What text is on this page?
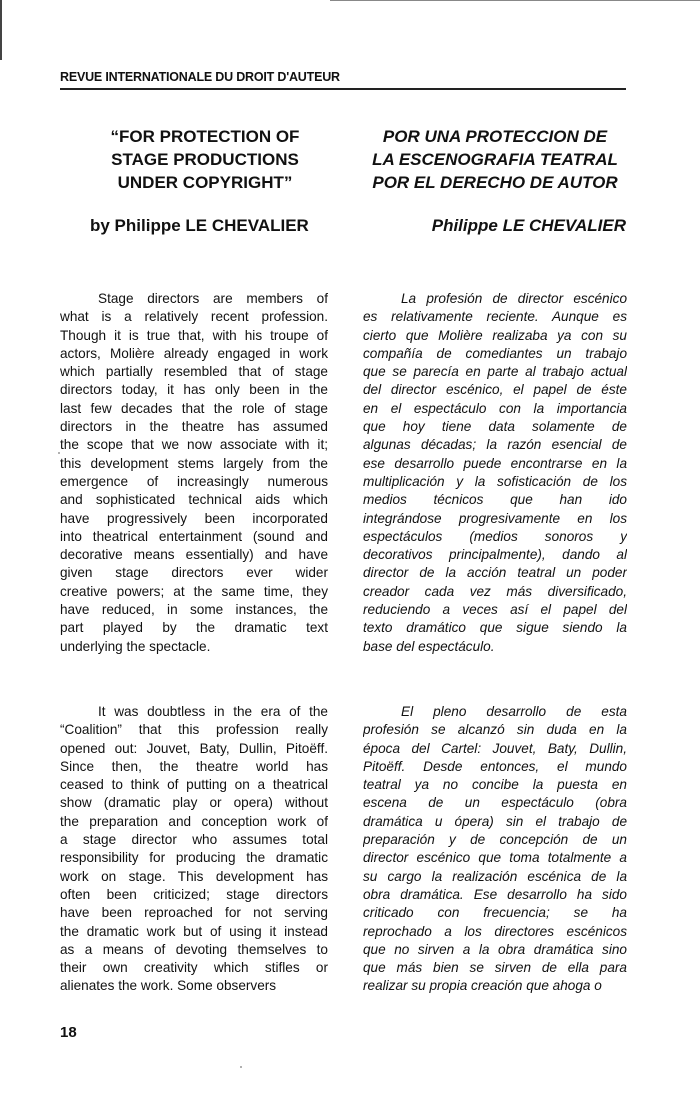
REVUE INTERNATIONALE DU DROIT D'AUTEUR
“FOR PROTECTION OF
STAGE PRODUCTIONS
UNDER COPYRIGHT”
POR UNA PROTECCION DE
LA ESCENOGRAFIA TEATRAL
POR EL DERECHO DE AUTOR
by Philippe LE CHEVALIER	Philippe LE CHEVALIER
Stage directors are members of
what is a relatively recent profession.
Though it is true that, with his troupe of
actors, Molière already engaged in work
which partially resembled that of stage
directors today, it has only been in the
last few decades that the role of stage
directors in the theatre has assumed
the scope that we now associate with it;
this development stems largely from the
emergence of increasingly numerous
and sophisticated technical aids which
have progressively been incorporated
into theatrical entertainment (sound and
decorative means essentially) and have
given stage directors ever wider
creative powers; at the same time, they
have reduced, in some instances, the
part played by the dramatic text
underlying the spectacle.
La profesión de director escénico
es relativamente reciente. Aunque es
cierto que Molière realizaba ya con su
compañía de comediantes un trabajo
que se parecía en parte al trabajo actual
del director escénico, el papel de éste
en el espectáculo con la importancia
que hoy tiene data solamente de
algunas décadas; la razón esencial de
ese desarrollo puede encontrarse en la
multiplicación y la sofisticación de los
medios técnicos que han ido
integrándose progresivamente en los
espectáculos (medios sonoros y
decorativos principalmente), dando al
director de la acción teatral un poder
creador cada vez más diversificado,
reduciendo a veces así el papel del
texto dramático que sigue siendo la
base del espectáculo.
It was doubtless in the era of the
“Coalition” that this profession really
opened out: Jouvet, Baty, Dullin, Pitoëff.
Since then, the theatre world has
ceased to think of putting on a theatrical
show (dramatic play or opera) without
the preparation and conception work of
a stage director who assumes total
responsibility for producing the dramatic
work on stage. This development has
often been criticized; stage directors
have been reproached for not serving
the dramatic work but of using it instead
as a means of devoting themselves to
their own creativity which stifles or
alienates the work. Some observers
El pleno desarrollo de esta
profesión se alcanzó sin duda en la
época del Cartel: Jouvet, Baty, Dullin,
Pitoëff. Desde entonces, el mundo
teatral ya no concibe la puesta en
escena de un espectáculo (obra
dramática u ópera) sin el trabajo de
preparación y de concepción de un
director escénico que toma totalmente a
su cargo la realización escénica de la
obra dramática. Ese desarrollo ha sido
criticado con frecuencia; se ha
reprochado a los directores escénicos
que no sirven a la obra dramática sino
que más bien se sirven de ella para
realizar su propia creación que ahoga o
18
